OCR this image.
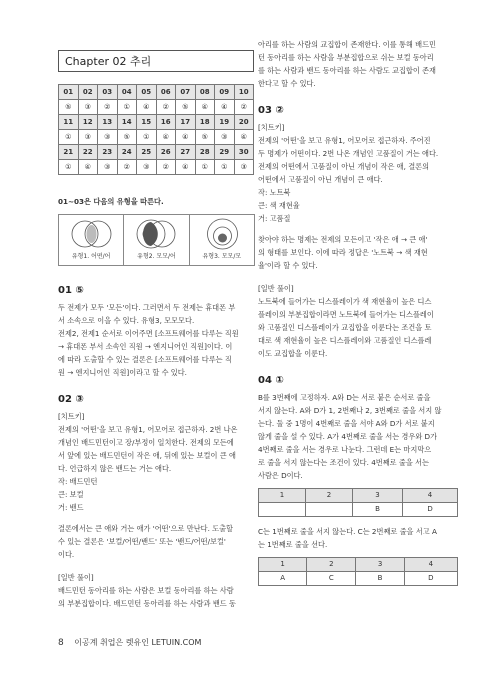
Chapter 02 추리
01	02	03	04	05	06	07	08	09	10
⑤	③	②	①	④	②	⑤	④	④	②
11	12	13	14	15	16	17	18	19	20
①	③	③	⑤	①	④	④	⑤	③	④
21	22	23	24	25	26	27	28	29	30
①	④	③	②	③	②	④	①	①	③
01~03은 다음의 유형을 따른다.
유형1. 어떤/어	유형2. 모모/어	유형3. 모모/모
01 ⑤

두 전제가 모두 '모든'이다. 그러면서 두 전제는 휴대폰 부

서 소속으로 이을 수 있다. 유형3, 모모모다.

전제2, 전제1 순서로 이어주면 [소프트웨어를 다루는 직원

→ 휴대폰 부서 소속인 직원 → 엔지니어인 직원]이다. 이

에 따라 도출할 수 있는 결론은 [소프트웨어를 다루는 직

원 → 엔지니어인 직원]이라고 할 수 있다.

02 ③
[치트키]

전제의 '어떤'을 보고 유형1, 어모어로 접근하자. 2번 나온

개념인 배드민턴이고 장/부정이 일치한다. 전제의 모든에

서 앞에 있는 배드민턴이 작은 애, 뒤에 있는 보컬이 큰 애

다. 언급하지 않은 밴드는 거는 애다.

작: 배드민턴

큰: 보컬

거: 밴드

결론에서는 큰 애와 거는 애가 '어떤'으로 만난다. 도출할

수 있는 결론은 '보컬/어떤/밴드' 또는 '밴드/어떤/보컬'

이다.

[일반 풀이]

배드민턴 동아리를 하는 사람은 보컬 동아리를 하는 사람

의 부분집합이다. 배드민턴 동아리를 하는 사람과 밴드 동

아리를 하는 사람의 교집합이 존재한다. 이를 통해 배드민

턴 동아리를 하는 사람을 부분집합으로 쉬는 보컬 동아리

를 하는 사람과 밴드 동아리를 하는 사람도 교집합이 존재

한다고 할 수 있다.

03 ②
[치트키]

전제의 '어떤'을 보고 유형1, 어모어로 접근하자. 주어진

두 명제가 어떤이다. 2번 나온 개념인 고품질이 거는 애다.

전제의 어떤에서 고품질이 아닌 개념이 작은 애, 결론의

어떤에서 고품질이 아닌 개념이 큰 애다.

작: 노트북

큰: 색 재현율

거: 고품질

찾아야 하는 명제는 전제의 모든이고 '작은 애 → 큰 애'

의 형태를 보인다. 이에 따라 정답은 '노트북 → 색 재현

율'이라 할 수 있다.

[일반 풀이]

노트북에 들어가는 디스플레이가 색 재현율이 높은 디스

플레이의 부분집합이라면 노트북에 들어가는 디스플레이

와 고품질인 디스플레이가 교집합을 이룬다는 조건을 토

대로 색 재현율이 높은 디스플레이와 고품질인 디스플레

이도 교집합을 이룬다.

04 ①

B를 3번째에 고정하자. A와 D는 서로 붙은 순서로 줄을

서지 않는다. A와 D가 1, 2번째나 2, 3번째로 줄을 서지 않

는다. 둘 중 1명이 4번째로 줄을 서야 A와 D가 서로 붙지

않게 줄을 설 수 있다. A가 4번째로 줄을 서는 경우와 D가

4번째로 줄을 서는 경우로 나눈다. 그런데 E는 마지막으

로 줄을 서지 않는다는 조건이 있다. 4번째로 줄을 서는

사람은 D이다.

1	2	3	4
		B	D

C는 1번째로 줄을 서지 않는다. C는 2번째로 줄을 서고 A

는 1번째로 줄을 선다.

1	2	3	4
A	C	B	D
8 이공계 취업은 렛유인 LETUIN.COM
